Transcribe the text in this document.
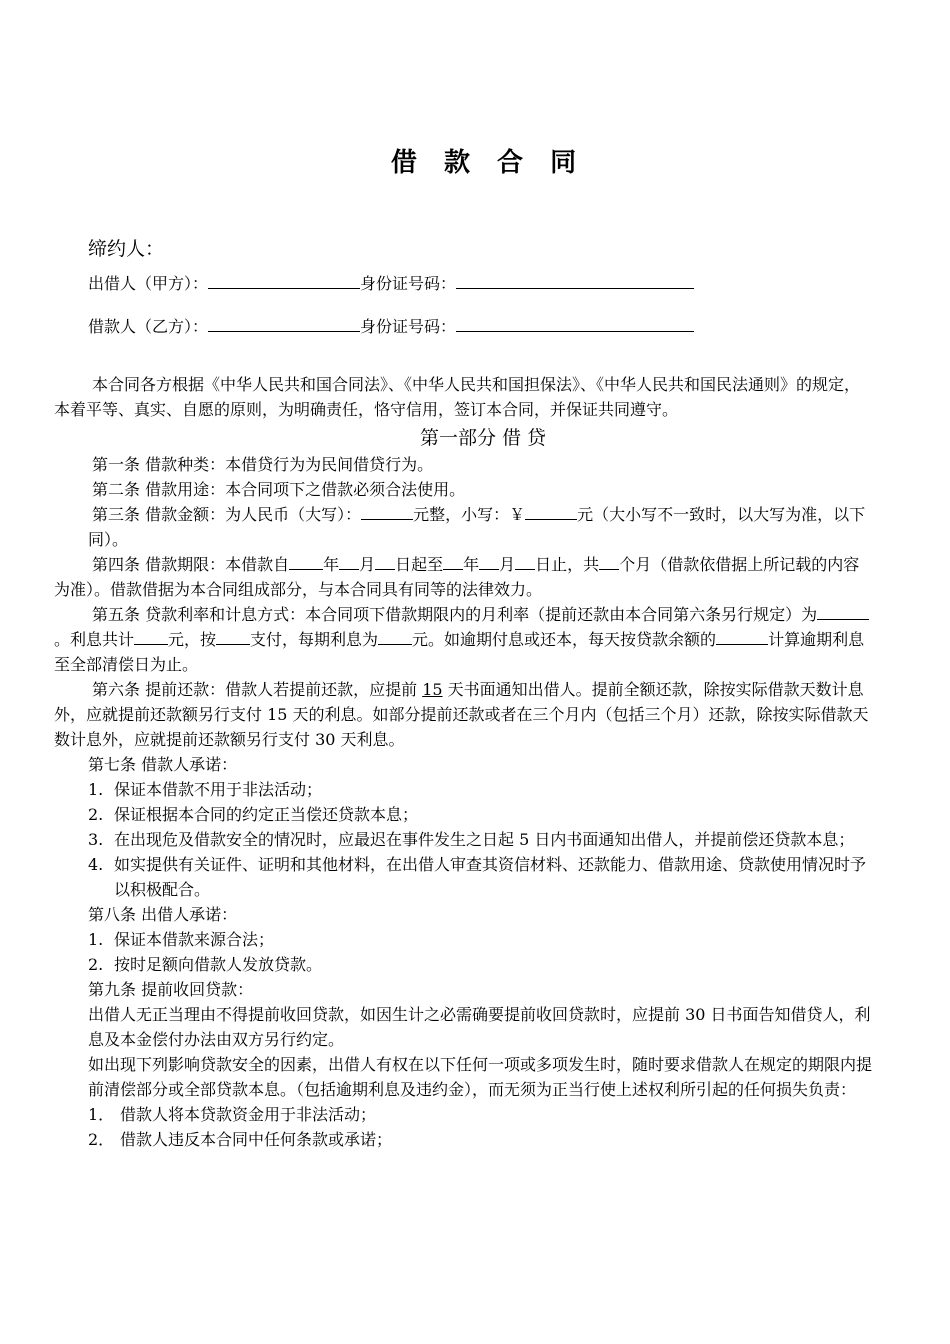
借 款 合 同
缔约人：
出借人（甲方）：	身份证号码：
借款人（乙方）：	身份证号码：

本合同各方根据《中华人民共和国合同法》、《中华人民共和国担保法》、《中华人民共和国民法通则》的规定，本着平等、真实、自愿的原则，为明确责任，恪守信用，签订本合同，并保证共同遵守。

第一部分 借 贷

第一条 借款种类：本借贷行为为民间借贷行为。

第二条 借款用途：本合同项下之借款必须合法使用。

第三条 借款金额：为人民币（大写）：	元整，小写：￥	元（大小写不一致时，以大写为准，以下同）。

第四条 借款期限：本借款自 年 月 日起至 年 月 日止，共 个月（借款依借据上所记载的内容为准）。借款借据为本合同组成部分，与本合同具有同等的法律效力。

第五条 贷款利率和计息方式：本合同项下借款期限内的月利率（提前还款由本合同第六条另行规定）为。利息共计 元，按 支付，每期利息为 元。如逾期付息或还本，每天按贷款余额的	计算逾期利息至全部清偿日为止。

第六条 提前还款：借款人若提前还款，应提前 15 天书面通知出借人。提前全额还款，除按实际借款天数计息外，应就提前还款额另行支付 15 天的利息。如部分提前还款或者在三个月内（包括三个月）还款，除按实际借款天数计息外，应就提前还款额另行支付 30 天利息。

第七条 借款人承诺：

1. 保证本借款不用于非法活动；
2. 保证根据本合同的约定正当偿还贷款本息；
3. 在出现危及借款安全的情况时，应最迟在事件发生之日起 5 日内书面通知出借人，并提前偿还贷款本息；
4. 如实提供有关证件、证明和其他材料，在出借人审查其资信材料、还款能力、借款用途、贷款使用情况时予以积极配合。

第八条 出借人承诺：

1. 保证本借款来源合法；
2. 按时足额向借款人发放贷款。

第九条 提前收回贷款：

出借人无正当理由不得提前收回贷款，如因生计之必需确要提前收回贷款时，应提前 30 日书面告知借贷人，利息及本金偿付办法由双方另行约定。

如出现下列影响贷款安全的因素，出借人有权在以下任何一项或多项发生时，随时要求借款人在规定的期限内提前清偿部分或全部贷款本息。（包括逾期利息及违约金），而无须为正当行使上述权利所引起的任何损失负责：

1． 借款人将本贷款资金用于非法活动；
2． 借款人违反本合同中任何条款或承诺；
